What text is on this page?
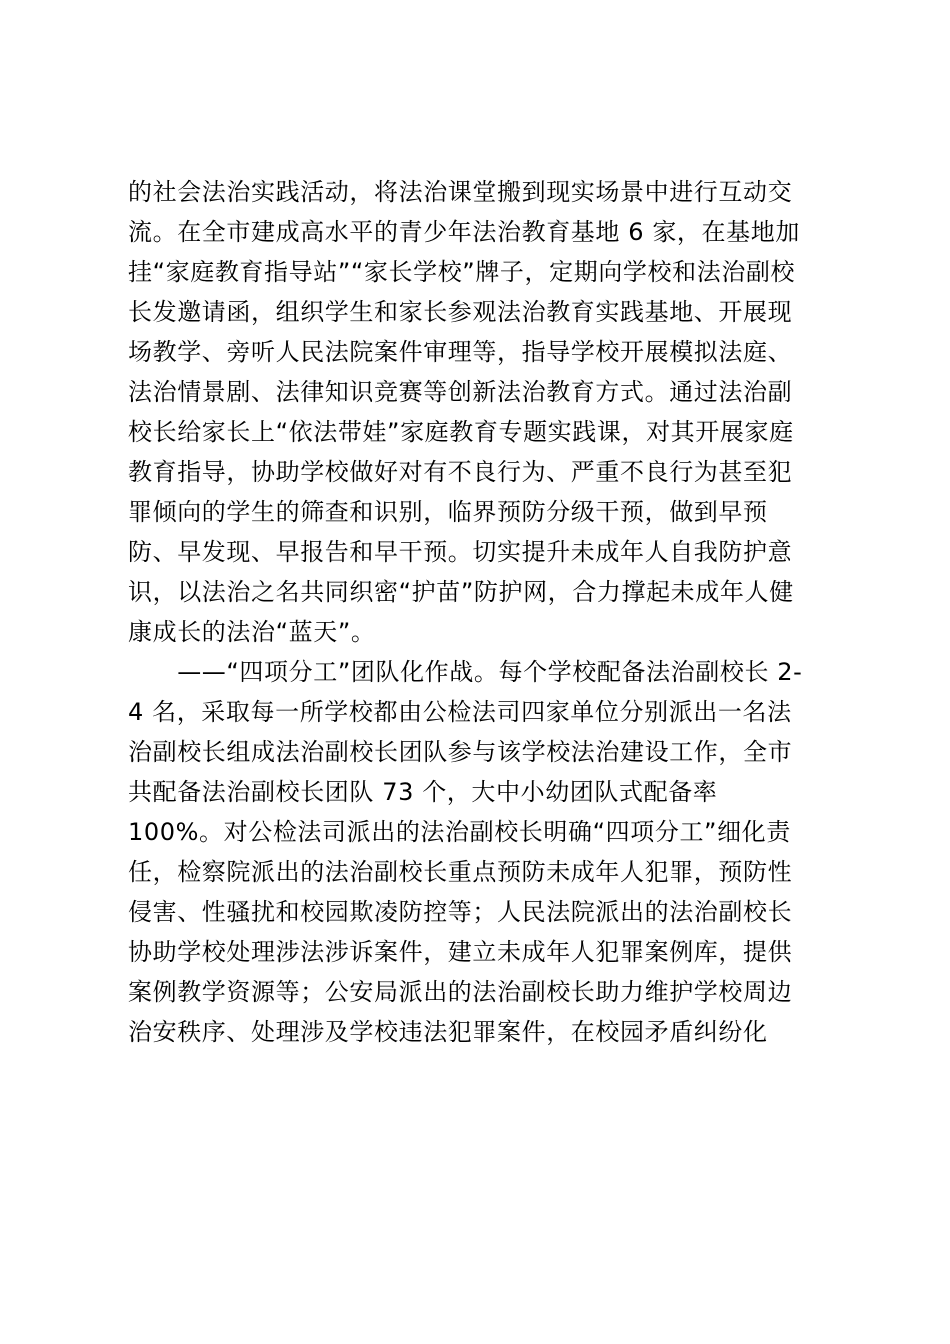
的社会法治实践活动，将法治课堂搬到现实场景中进行互动交
流。在全市建成高水平的青少年法治教育基地 6 家，在基地加
挂“家庭教育指导站”“家长学校”牌子，定期向学校和法治副校
长发邀请函，组织学生和家长参观法治教育实践基地、开展现
场教学、旁听人民法院案件审理等，指导学校开展模拟法庭、
法治情景剧、法律知识竞赛等创新法治教育方式。通过法治副
校长给家长上“依法带娃”家庭教育专题实践课，对其开展家庭
教育指导，协助学校做好对有不良行为、严重不良行为甚至犯
罪倾向的学生的筛查和识别，临界预防分级干预，做到早预
防、早发现、早报告和早干预。切实提升未成年人自我防护意
识，以法治之名共同织密“护苗”防护网，合力撑起未成年人健
康成长的法治“蓝天”。
　　——“四项分工”团队化作战。每个学校配备法治副校长 2-
4 名，采取每一所学校都由公检法司四家单位分别派出一名法
治副校长组成法治副校长团队参与该学校法治建设工作，全市
共配备法治副校长团队 73 个，大中小幼团队式配备率
100%。对公检法司派出的法治副校长明确“四项分工”细化责
任，检察院派出的法治副校长重点预防未成年人犯罪，预防性
侵害、性骚扰和校园欺凌防控等；人民法院派出的法治副校长
协助学校处理涉法涉诉案件，建立未成年人犯罪案例库，提供
案例教学资源等；公安局派出的法治副校长助力维护学校周边
治安秩序、处理涉及学校违法犯罪案件，在校园矛盾纠纷化
